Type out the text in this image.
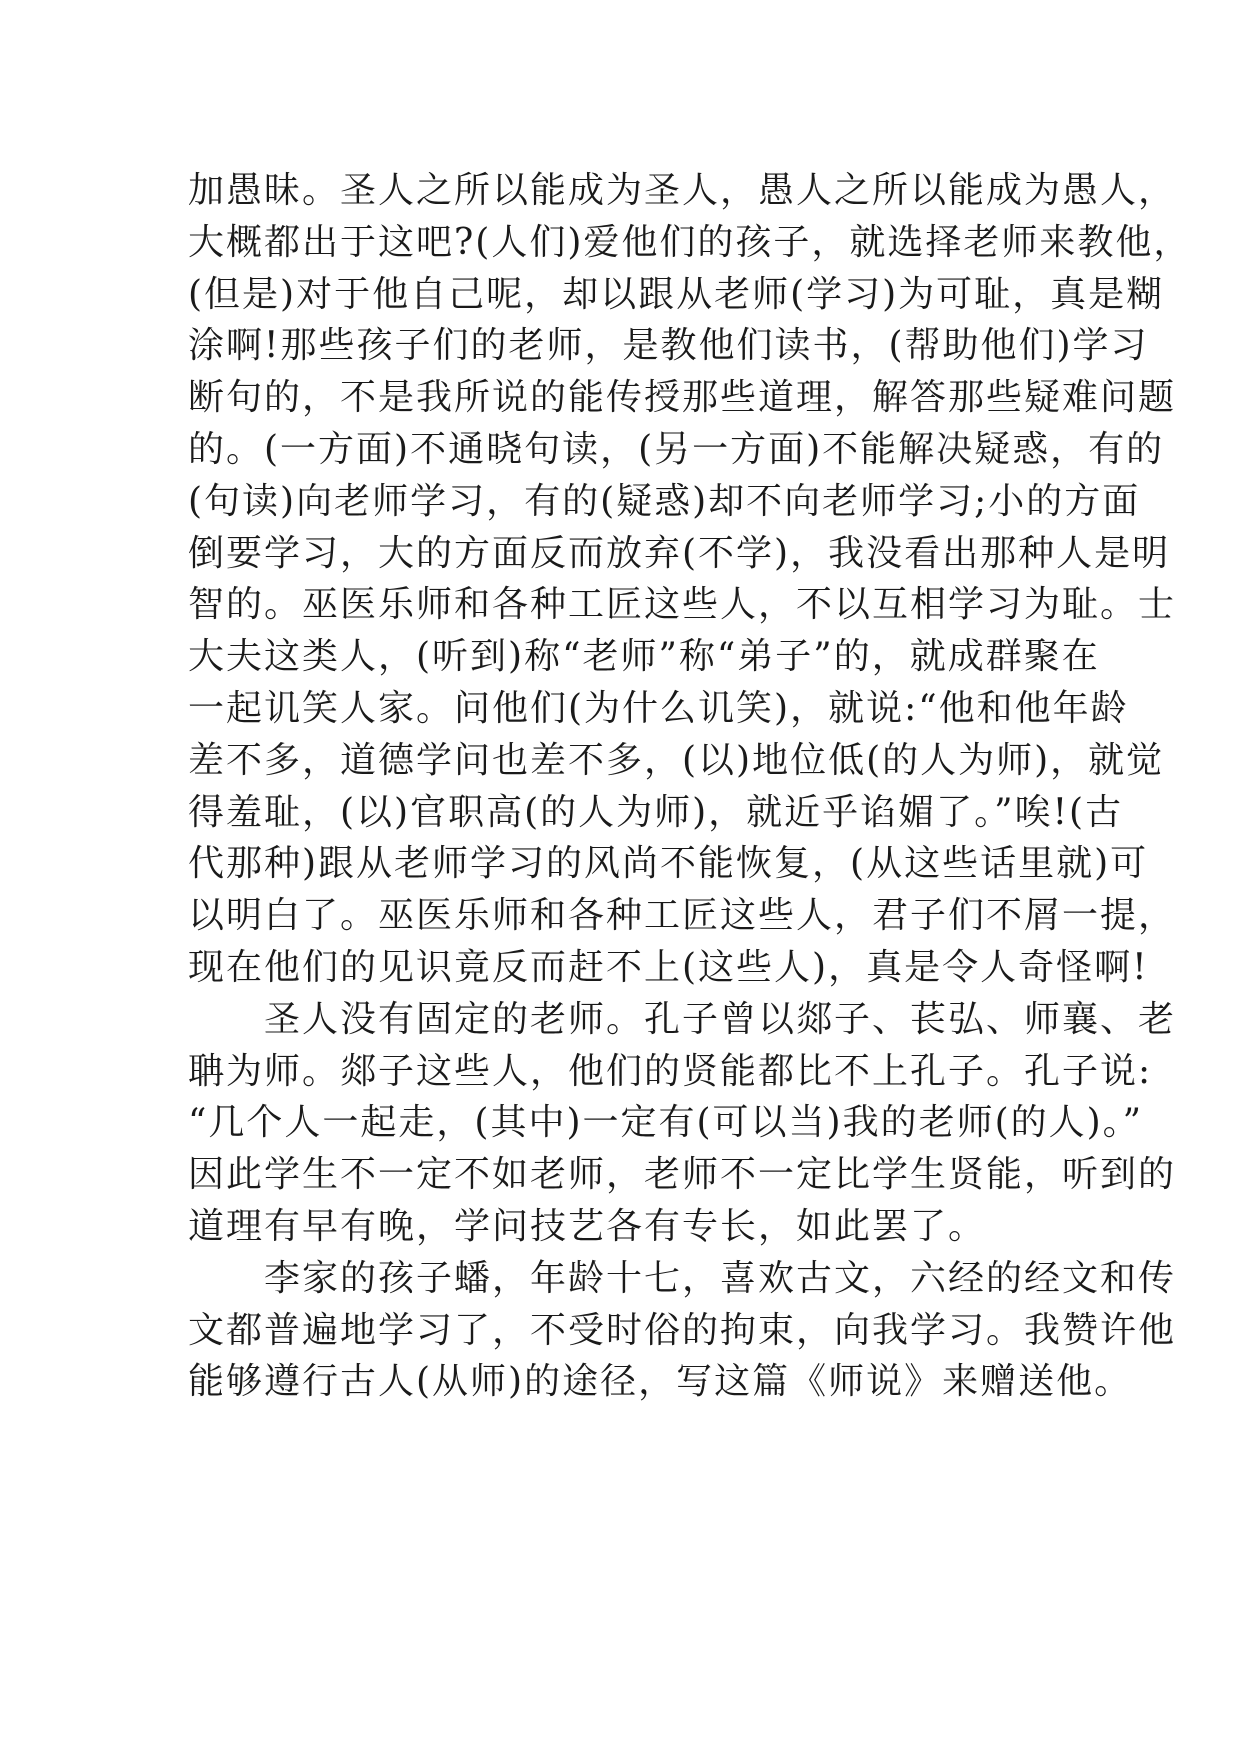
加愚昧。圣人之所以能成为圣人，愚人之所以能成为愚人，
大概都出于这吧?(人们)爱他们的孩子，就选择老师来教他，
(但是)对于他自己呢，却以跟从老师(学习)为可耻，真是糊
涂啊!那些孩子们的老师，是教他们读书，(帮助他们)学习
断句的，不是我所说的能传授那些道理，解答那些疑难问题
的。(一方面)不通晓句读，(另一方面)不能解决疑惑，有的
(句读)向老师学习，有的(疑惑)却不向老师学习;小的方面
倒要学习，大的方面反而放弃(不学)，我没看出那种人是明
智的。巫医乐师和各种工匠这些人，不以互相学习为耻。士
大夫这类人，(听到)称“老师”称“弟子”的，就成群聚在
一起讥笑人家。问他们(为什么讥笑)，就说:“他和他年龄
差不多，道德学问也差不多，(以)地位低(的人为师)，就觉
得羞耻，(以)官职高(的人为师)，就近乎谄媚了。”唉!(古
代那种)跟从老师学习的风尚不能恢复，(从这些话里就)可
以明白了。巫医乐师和各种工匠这些人，君子们不屑一提，
现在他们的见识竟反而赶不上(这些人)，真是令人奇怪啊!
　　圣人没有固定的老师。孔子曾以郯子、苌弘、师襄、老
聃为师。郯子这些人，他们的贤能都比不上孔子。孔子说:
“几个人一起走，(其中)一定有(可以当)我的老师(的人)。”
因此学生不一定不如老师，老师不一定比学生贤能，听到的
道理有早有晚，学问技艺各有专长，如此罢了。
　　李家的孩子蟠，年龄十七，喜欢古文，六经的经文和传
文都普遍地学习了，不受时俗的拘束，向我学习。我赞许他
能够遵行古人(从师)的途径，写这篇《师说》来赠送他。
